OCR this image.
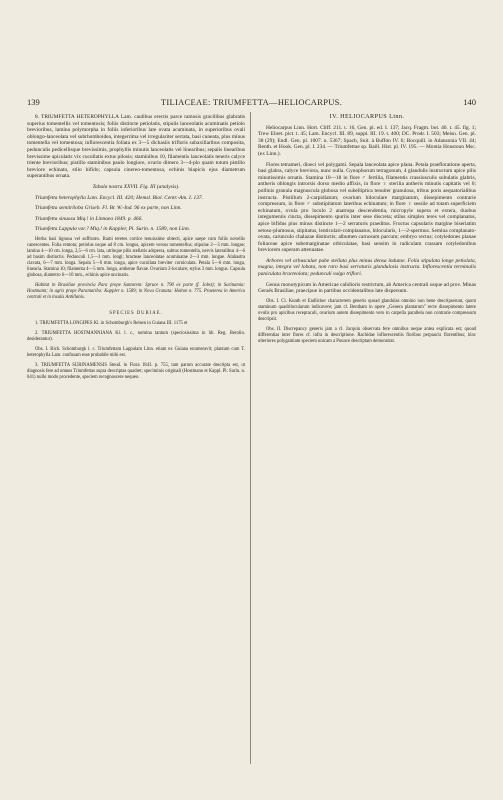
139	TILIACEAE: TRIUMFETTA—HELIOCARPUS.	140

8. TRIUMFETTA HETEROPHYLLA Lam. caulibus erectis parce ramosis gracilibus glabratis superius tomentellis vel tomentosis; foliis distincte petiolatis, stipulis lanceolatis acuminatis petiolo brevioribus, lamina polymorpha in foliis inferioribus late ovata acuminata, in superioribus ovali oblongo-lanceolata vel subrhomboidea, integerrima vel irregulariter serrata, basi cuneata, plus minus tomentella vel tomentosa; inflorescentia foliata ex 3—5 dichasiis trifloris subaxillaribus composita, pedunculis pedicellisque brevissimis, prophyllis minutis lanceolatis vel linearibus; sepalis linearibus brevissime apiculatis vix cucullatis extus pilosis; staminibus 10, filamentis lanceolatis teneris calyce triente brevioribus; pistillo staminibus paulo longiore, ovario dimero 3—4-plo quam totum pistillo breviore echinato, stilo bifido; capsula cinereo-tomentosa, echinis biapicis ejus diametrum superantibus ornata.

Tabula nostra XXVII. Fig. III (analysis).

Triumfetta heterophylla Lam. Encycl. III. 420; Hemsl. Biol. Centr.-Am. I. 137.

Triumfetta semitriloba Griseb. Fl. Br. W.-Ind. 96 ex parte, non Linn.

Triumfetta sinuosa Miq.! in Linnaea 1849. p. 466.

Triumfetta Lappula var.? Miq.! in Kappler, Pl. Surin. n. 1589, non Linn.

Herba basi lignosa vel suffrutex. Rami teretes cortice tenuissime obtecti, apice saepe cum foliis novellis canescentes. Folia remota; petiolus usque ad 8 cm. longus, apicem versus tomentellus; stipulae 2—3 mm. longae; lamina 4—10 cm. longa, 2,5—6 cm. lata, utrinque pilis stellatis adspersa, subtus tomentella, nervis lateralibus 4—6 ad basim distinctis. Pedunculi 1,5—3 mm. longi; bracteae lanceolatae acuminatae 2—3 mm. longae. Alabastra clavata, 6—7 mm. longa. Sepala 5—6 mm. longa, apice cucullata breviter corniculata. Petala 5—6 mm. longa, linearia. Stamina 10; filamenta 4—5 mm. longa, antherae flavae. Ovarium 2-loculare; stylus 3 mm. longus. Capsula globosa, diametro 6—10 mm., echinis apice uncinatis.

Habitat in Brasiliae provincia Para prope Santarem: Spruce n. 790 ex parte (f. Jobst); in Surinamia: Hostmann; in agris prope Paramaribo: Kappler n. 1589; in Nova Granata: Holton n. 775. Praeterea in America centrali et in insulis Antillanis.

SPECIES DUBIAE.

1. TRIUMFETTA LONGIPES Kl. in Schomburgk's Reisen in Guiana III. 1175 et

2. TRIUMFETTA HOSTMANNIANA Kl. l. c., nomina tantum (speciosissima in hb. Reg. Berolin. desiderantur).

Obs. I. Rich. Schomburgk l. c. Triumfettam Lappulam Linn. etiam ex Guiana enumeravit; plantam cum T. heterophylla Lam. confusam esse probabile mihi est.

3. TRIUMFETTA SURINAMENSIS Steud. in Flora 1843. p. 755, tam parum accurate descripta est, ut diagnosis fere ad omnes Triumfettas supra descriptas quadret; speciminis originali (Hostmann et Kappl. Pl. Surin. n. 641) nullo modo procedente, speciem recognoscere nequeo.

IV. HELIOCARPUS Linn.

Heliocarpus Linn. Hort. Cliff. 211. t. 16, Gen. pl. ed. I. 137; Jacq. Fragm. bot. 40. t. 45. fig. 1; Trew Ehret. pict. t. 45; Lam. Encycl. III. 89, suppl. III. 19. t. 400; DC. Prodr. I. 503; Meisn. Gen. pl. 38 (29); Endl. Gen. pl. 1007. n. 5367; Spach, Suit. à Buffon IV. 6; Bocquill. in Adansonia VII. 44; Benth. et Hook. Gen. pl. I. 234. — Triumfettae sp. Baill. Hist. pl. IV. 195. — Montia Houstoun Msc. (ex Linn.).

Flores tetrameri, dioeci vel polygami. Sepala lanceolata apice plana. Petala praefloratione aperta, basi glabra, calyce breviora, nunc nulla. Gynophorum tetragonum, 4 glandulis instructum apice pilis minutissimis ornatis. Stamina 10—18 in flore ♂ fertilia, filamentis crassiusculis subulatis glabris, antheris oblongis introrsis dorso medio affixis, in flore ♀ sterilia antheris minutis capitatis vel 0; pollinis granula magnuscula globosa vel subelliptica tenuiter granulosa, tribus poris aequatorialibus instructa. Pistillum 2-carpidiatum; ovarium biloculare marginatum, dissepimento contrarie compressum, in flore ♂ substipitatum lateribus echinatum; in flore ♀ sessile ad totam superficiem echinatum, ovula pro loculo 2 anatropa descendentia, micropyle supera et extera, duobus integumentis cincta, dissepimento spuriis inter sese discreta; stilus simplex teres vel complanatus, apice bifidus plus minus distincte 1—2 serraturis praeditus. Fructus capsularis margine biseriatim setoso-plumosus, stipitatus, lenticulari-complanatus, bilocularis, 1—2-spermus. Semina complanato-ovata, carunculo chalazae distinctis; albumen carnosum parcum; embryo rectus; cotyledones planae foliaceae apice subemarginatae orbiculatae, basi sensim in radiculam crassam cotyledonibus breviorem superam attenuatae.

Arbores vel arbusculae pube stellata plus minus densa indutae. Folia stipulata longe petiolata, magna, integra vel lobata, non raro basi serraturis glandulosis instructa. Inflorescentia terminalis paniculata bracteolata; pedunculi vulgo triflori.

Genus monotypicum in Americae calidioris restrictum, ab America centrali usque ad prov. Minas Geraës Brasiliae, praecipue in partibus occidentalibus late dispersum.

Obs. I. Cl. Kunth et Endlicher characterem generis quoad glandulas omnino non bene descripserunt, quum staminum quadrilocularum indicavere; jam cl. Bentham in opere „Genera plantarum" recte dissepimento latere ovulis pro apicibus receptaculi, ovarium autem dissepimento vero in carpella parallela non contrarie compressum descripsit.

Obs. II. Discrepancy generis jam a cl. Jacquin observata fere omnibus neque antea explicata est; quoad differentias inter flores cf. infra in descriptione. Rachidae inflorescentiis floribus perpaucis florentibus; hinc ulteriores polygamiam speciem unicam a Pounce descriptam demonstrat.
